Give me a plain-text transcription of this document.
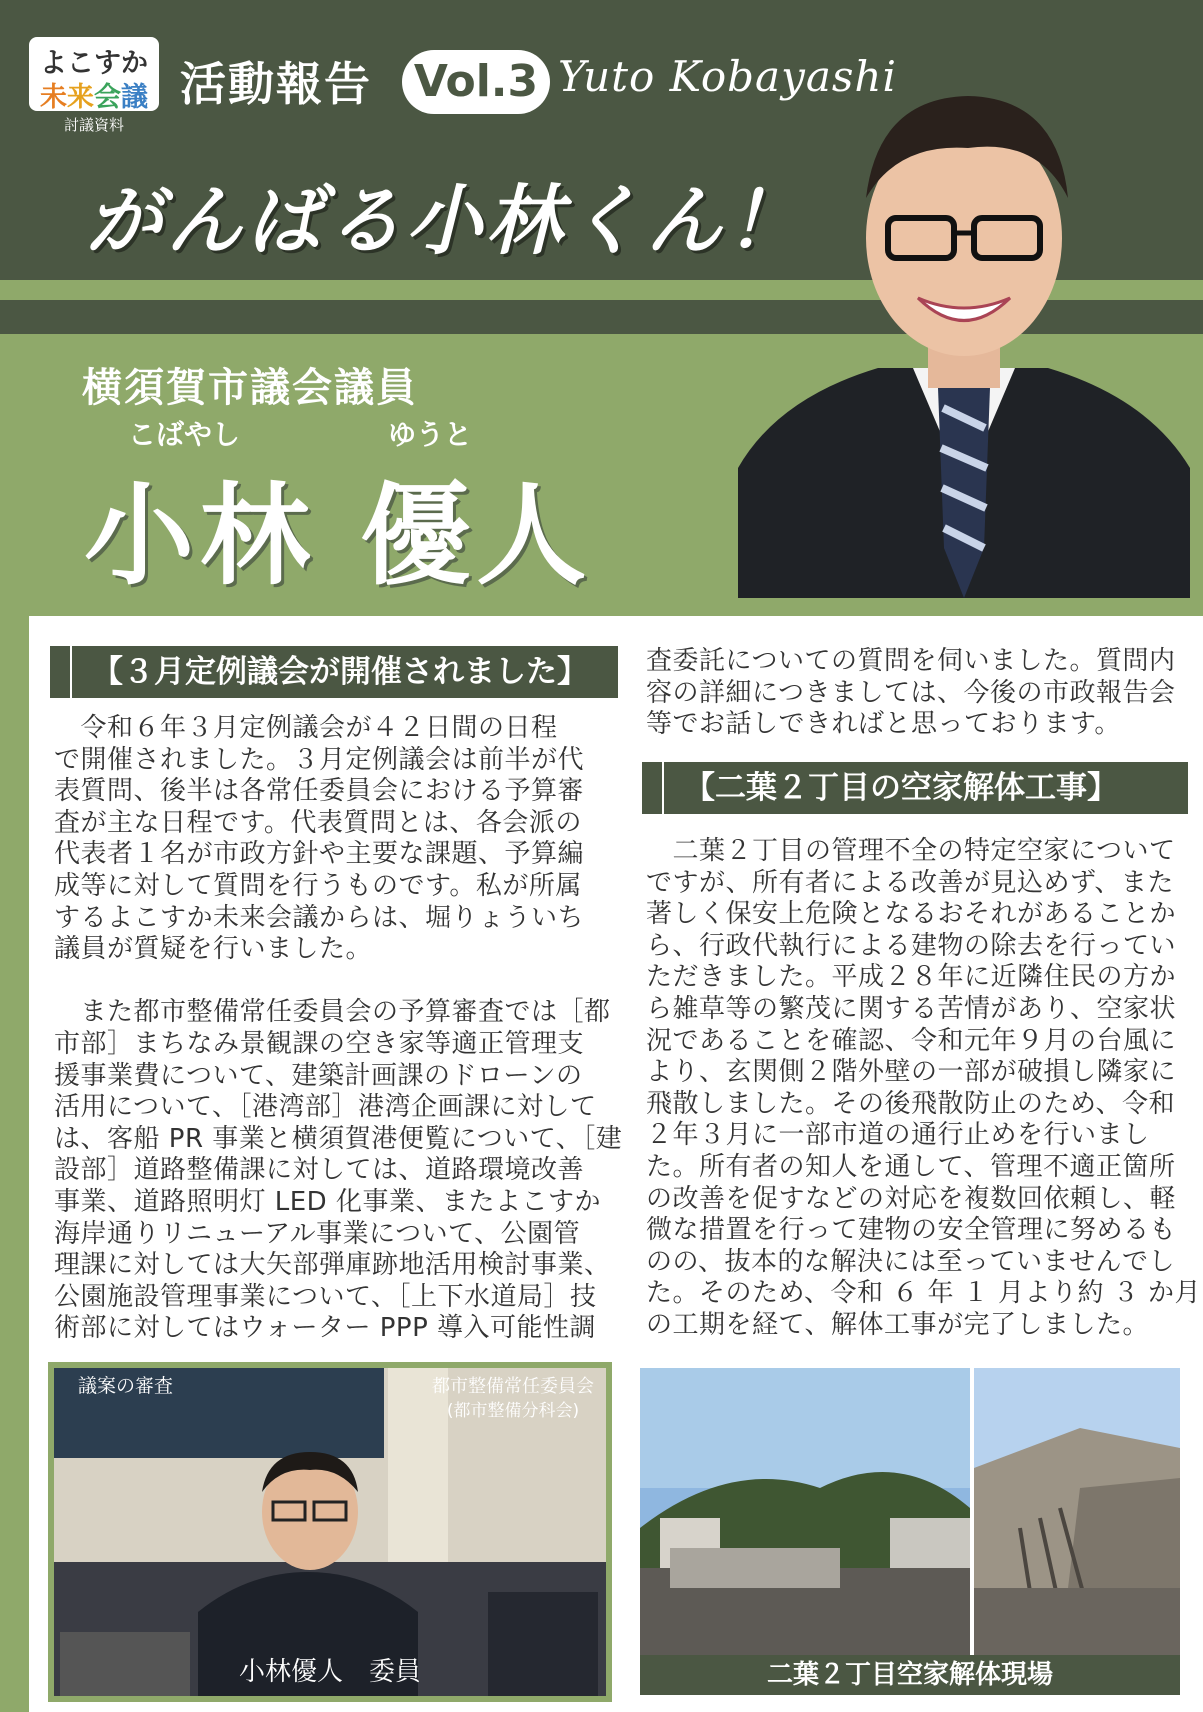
よこすか
未来会議
討議資料
活動報告 Vol.3 Yuto Kobayashi
がんばる小林くん！
横須賀市議会議員
こばやし	ゆうと
小林 優人
【３月定例議会が開催されました】
　令和６年３月定例議会が４２日間の日程
で開催されました。３月定例議会は前半が代
表質問、後半は各常任委員会における予算審
査が主な日程です。代表質問とは、各会派の
代表者１名が市政方針や主要な課題、予算編
成等に対して質問を行うものです。私が所属
するよこすか未来会議からは、堀りょういち
議員が質疑を行いました。

　また都市整備常任委員会の予算審査では［都
市部］まちなみ景観課の空き家等適正管理支
援事業費について、建築計画課のドローンの
活用について、［港湾部］港湾企画課に対して
は、客船 PR 事業と横須賀港便覧について、［建
設部］道路整備課に対しては、道路環境改善
事業、道路照明灯 LED 化事業、またよこすか
海岸通りリニューアル事業について、公園管
理課に対しては大矢部弾庫跡地活用検討事業、
公園施設管理事業について、［上下水道局］技
術部に対してはウォーター PPP 導入可能性調
議案の審査	都市整備常任委員会
(都市整備分科会)
小林優人　委員
査委託についての質問を伺いました。質問内
容の詳細につきましては、今後の市政報告会
等でお話しできればと思っております。
【二葉２丁目の空家解体工事】
　二葉２丁目の管理不全の特定空家について
ですが、所有者による改善が見込めず、また
著しく保安上危険となるおそれがあることか
ら、行政代執行による建物の除去を行ってい
ただきました。平成２８年に近隣住民の方か
ら雑草等の繁茂に関する苦情があり、空家状
況であることを確認、令和元年９月の台風に
より、玄関側２階外壁の一部が破損し隣家に
飛散しました。その後飛散防止のため、令和
２年３月に一部市道の通行止めを行いまし
た。所有者の知人を通して、管理不適正箇所
の改善を促すなどの対応を複数回依頼し、軽
微な措置を行って建物の安全管理に努めるも
のの、抜本的な解決には至っていませんでし
た。そのため、令和 ６ 年 １ 月より約 ３ か月
の工期を経て、解体工事が完了しました。
二葉２丁目空家解体現場
